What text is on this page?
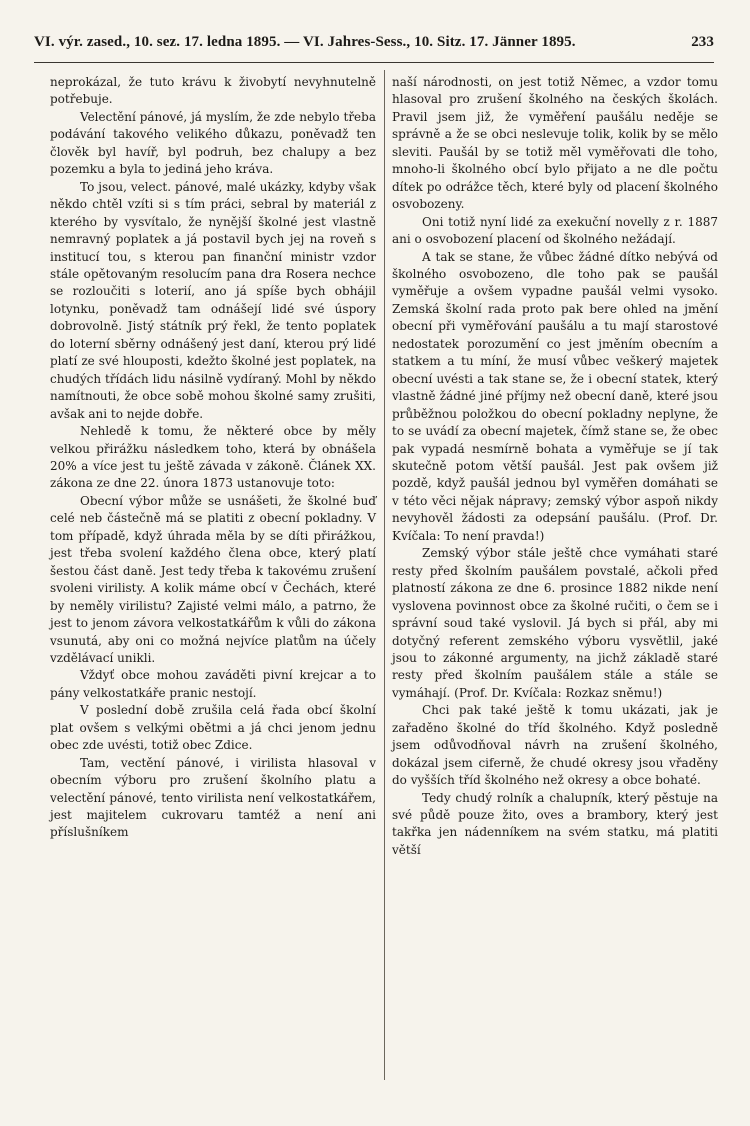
VI. výr. zased., 10. sez. 17. ledna 1895. — VI. Jahres-Sess., 10. Sitz. 17. Jänner 1895.	233

neprokázal, že tuto krávu k živobytí nevyhnutelně potřebuje.

Velectění pánové, já myslím, že zde nebylo třeba podávání takového velikého důkazu, poněvadž ten člověk byl havíř, byl podruh, bez chalupy a bez pozemku a byla to jediná jeho kráva.

To jsou, velect. pánové, malé ukázky, kdyby však někdo chtěl vzíti si s tím práci, sebral by materiál z kterého by vysvítalo, že nynější školné jest vlastně nemravný poplatek a já postavil bych jej na roveň s institucí tou, s kterou pan finanční ministr vzdor stále opětovaným resolucím pana dra Rosera nechce se rozloučiti s loterií, ano já spíše bych obhájil lotynku, poněvadž tam odnášejí lidé své úspory dobrovolně. Jistý státník prý řekl, že tento poplatek do loterní sběrny odnášený jest daní, kterou prý lidé platí ze své hlouposti, kdežto školné jest poplatek, na chudých třídách lidu násilně vydíraný. Mohl by někdo namítnouti, že obce sobě mohou školné samy zrušiti, avšak ani to nejde dobře.

Nehledě k tomu, že některé obce by měly velkou přirážku následkem toho, která by obnášela 20% a více jest tu ještě závada v zákoně. Článek XX. zákona ze dne 22. února 1873 ustanovuje toto:

Obecní výbor může se usnášeti, že školné buď celé neb částečně má se platiti z obecní pokladny. V tom případě, když úhrada měla by se díti přirážkou, jest třeba svolení každého člena obce, který platí šestou část daně. Jest tedy třeba k takovému zrušení svoleni virilisty. A kolik máme obcí v Čechách, které by neměly virilistu? Zajisté velmi málo, a patrno, že jest to jenom závora velkostatkářům k vůli do zákona vsunutá, aby oni co možná nejvíce platům na účely vzdělávací unikli.

Vždyť obce mohou zaváděti pivní krejcar a to pány velkostatkáře pranic nestojí.

V poslední době zrušila celá řada obcí školní plat ovšem s velkými obětmi a já chci jenom jednu obec zde uvésti, totiž obec Zdice.

Tam, vectění pánové, i virilista hlasoval v obecním výboru pro zrušení školního platu a velectění pánové, tento virilista není velkostatkářem, jest majitelem cukrovaru tamtéž a není ani příslušníkem

naší národnosti, on jest totiž Němec, a vzdor tomu hlasoval pro zrušení školného na českých školách. Pravil jsem již, že vyměření paušálu neděje se správně a že se obci neslevuje tolik, kolik by se mělo sleviti. Paušál by se totiž měl vyměřovati dle toho, mnoho-li školného obcí bylo přijato a ne dle počtu dítek po odrážce těch, které byly od placení školného osvobozeny.

Oni totiž nyní lidé za exekuční novelly z r. 1887 ani o osvobození placení od školného nežádají.

A tak se stane, že vůbec žádné dítko nebývá od školného osvobozeno, dle toho pak se paušál vyměřuje a ovšem vypadne paušál velmi vysoko. Zemská školní rada proto pak bere ohled na jmění obecní při vyměřování paušálu a tu mají starostové nedostatek porozumění co jest jměním obecním a statkem a tu míní, že musí vůbec veškerý majetek obecní uvésti a tak stane se, že i obecní statek, který vlastně žádné jiné příjmy než obecní daně, které jsou průběžnou položkou do obecní pokladny neplyne, že to se uvádí za obecní majetek, čímž stane se, že obec pak vypadá nesmírně bohata a vyměřuje se jí tak skutečně potom větší paušál. Jest pak ovšem již pozdě, když paušál jednou byl vyměřen domáhati se v této věci nějak nápravy; zemský výbor aspoň nikdy nevyhověl žádosti za odepsání paušálu. (Prof. Dr. Kvíčala: To není pravda!)

Zemský výbor stále ještě chce vymáhati staré resty před školním paušálem povstalé, ačkoli před platností zákona ze dne 6. prosince 1882 nikde není vyslovena povinnost obce za školné ručiti, o čem se i správní soud také vyslovil. Já bych si přál, aby mi dotyčný referent zemského výboru vysvětlil, jaké jsou to zákonné argumenty, na jichž základě staré resty před školním paušálem stále a stále se vymáhají. (Prof. Dr. Kvíčala: Rozkaz sněmu!)

Chci pak také ještě k tomu ukázati, jak je zařaděno školné do tříd školného. Když posledně jsem odůvodňoval návrh na zrušení školného, dokázal jsem ciferně, že chudé okresy jsou vřaděny do vyšších tříd školného než okresy a obce bohaté.

Tedy chudý rolník a chalupník, který pěstuje na své půdě pouze žito, oves a brambory, který jest takřka jen nádenníkem na svém statku, má platiti větší
